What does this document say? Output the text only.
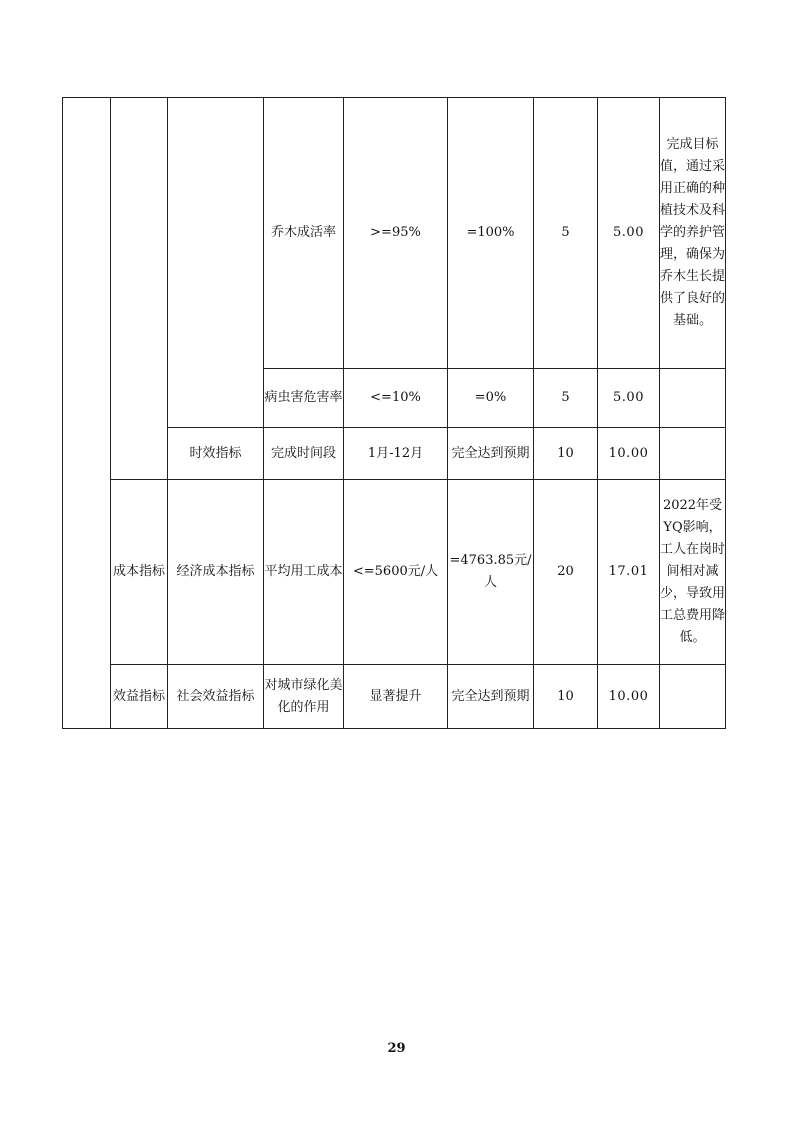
			乔木成活率	>=95%	=100%	5	5.00	完成目标值，通过采用正确的种植技术及科学的养护管理，确保为乔木生长提供了良好的基础。
			病虫害危害率	<=10%	=0%	5	5.00	
		时效指标	完成时间段	1月-12月	完全达到预期	10	10.00	
	成本指标	经济成本指标	平均用工成本	<=5600元/人	=4763.85元/人	20	17.01	2022年受YQ影响，工人在岗时间相对减少，导致用工总费用降低。
	效益指标	社会效益指标	对城市绿化美化的作用	显著提升	完全达到预期	10	10.00	
29
